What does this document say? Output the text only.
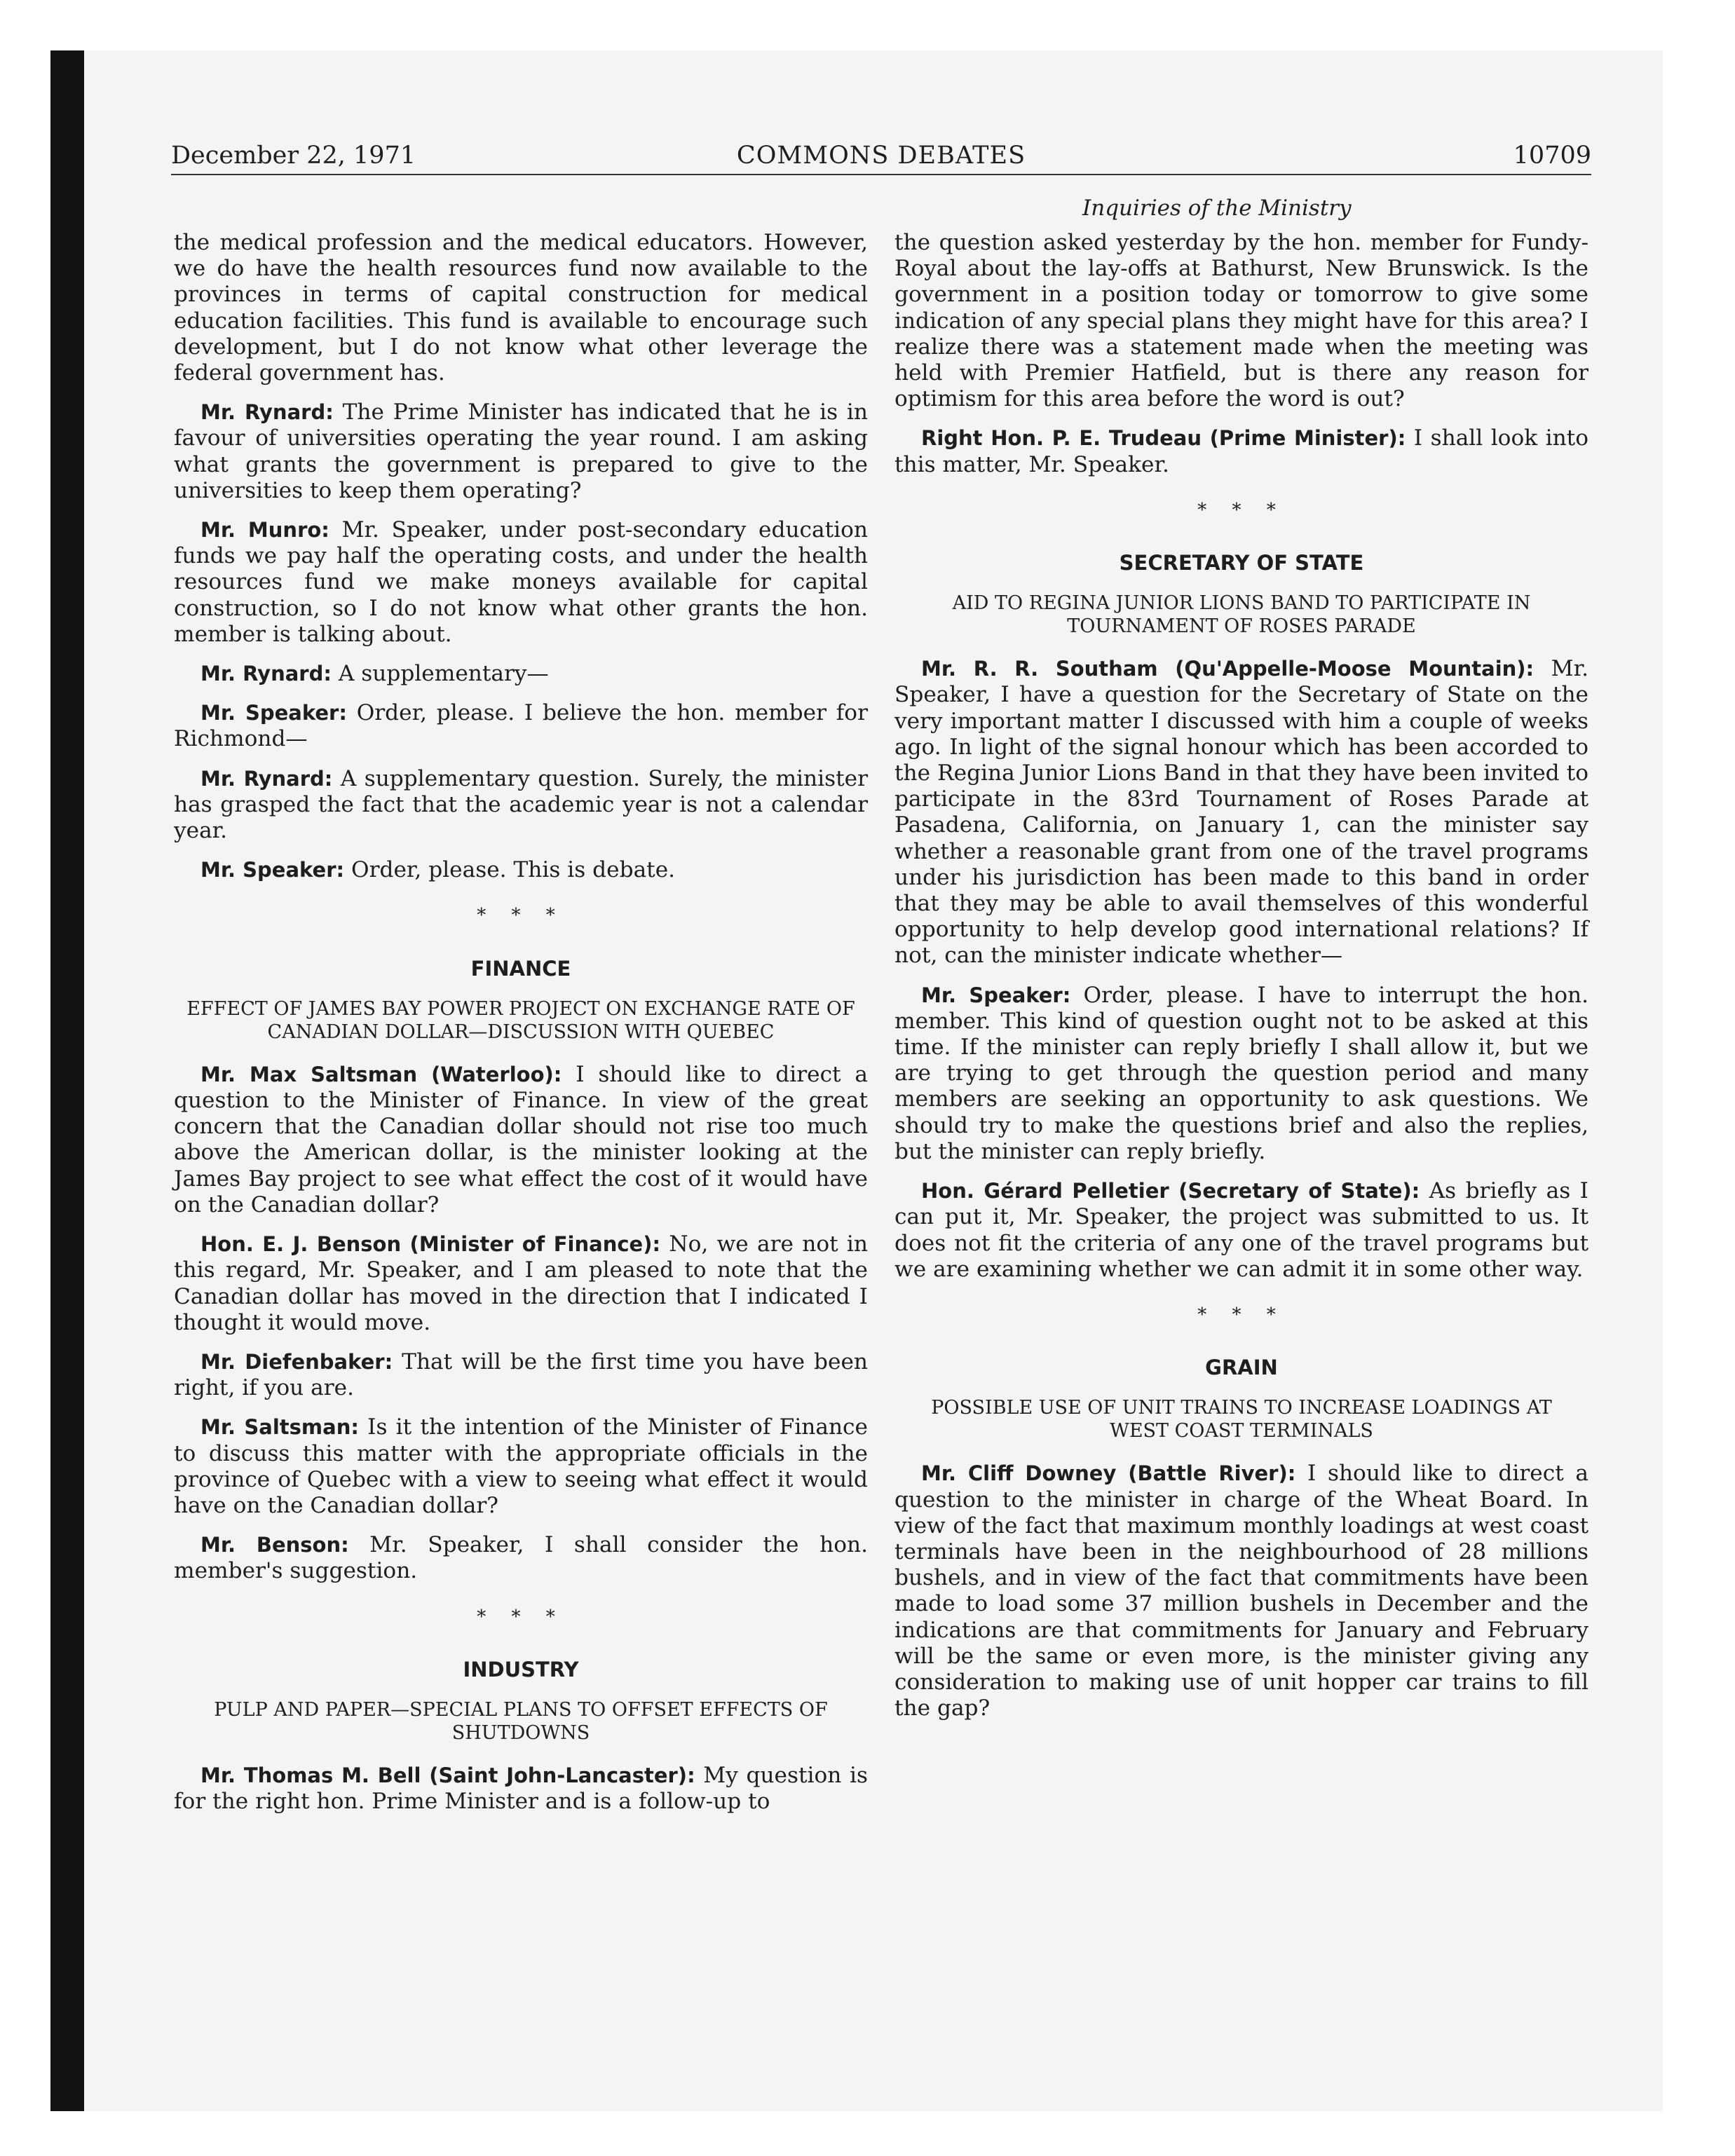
December 22, 1971	COMMONS DEBATES	10709
Inquiries of the Ministry

the medical profession and the medical educators. However, we do have the health resources fund now available to the provinces in terms of capital construction for medical education facilities. This fund is available to encourage such development, but I do not know what other leverage the federal government has.

Mr. Rynard: The Prime Minister has indicated that he is in favour of universities operating the year round. I am asking what grants the government is prepared to give to the universities to keep them operating?

Mr. Munro: Mr. Speaker, under post-secondary education funds we pay half the operating costs, and under the health resources fund we make moneys available for capital construction, so I do not know what other grants the hon. member is talking about.

Mr. Rynard: A supplementary—

Mr. Speaker: Order, please. I believe the hon. member for Richmond—

Mr. Rynard: A supplementary question. Surely, the minister has grasped the fact that the academic year is not a calendar year.

Mr. Speaker: Order, please. This is debate.

* * *
FINANCE
EFFECT OF JAMES BAY POWER PROJECT ON EXCHANGE RATE OF CANADIAN DOLLAR—DISCUSSION WITH QUEBEC

Mr. Max Saltsman (Waterloo): I should like to direct a question to the Minister of Finance. In view of the great concern that the Canadian dollar should not rise too much above the American dollar, is the minister looking at the James Bay project to see what effect the cost of it would have on the Canadian dollar?

Hon. E. J. Benson (Minister of Finance): No, we are not in this regard, Mr. Speaker, and I am pleased to note that the Canadian dollar has moved in the direction that I indicated I thought it would move.

Mr. Diefenbaker: That will be the first time you have been right, if you are.

Mr. Saltsman: Is it the intention of the Minister of Finance to discuss this matter with the appropriate officials in the province of Quebec with a view to seeing what effect it would have on the Canadian dollar?

Mr. Benson: Mr. Speaker, I shall consider the hon. member's suggestion.

* * *
INDUSTRY
PULP AND PAPER—SPECIAL PLANS TO OFFSET EFFECTS OF SHUTDOWNS

Mr. Thomas M. Bell (Saint John-Lancaster): My question is for the right hon. Prime Minister and is a follow-up to

the question asked yesterday by the hon. member for Fundy-Royal about the lay-offs at Bathurst, New Brunswick. Is the government in a position today or tomorrow to give some indication of any special plans they might have for this area? I realize there was a statement made when the meeting was held with Premier Hatfield, but is there any reason for optimism for this area before the word is out?

Right Hon. P. E. Trudeau (Prime Minister): I shall look into this matter, Mr. Speaker.

* * *
SECRETARY OF STATE
AID TO REGINA JUNIOR LIONS BAND TO PARTICIPATE IN TOURNAMENT OF ROSES PARADE

Mr. R. R. Southam (Qu'Appelle-Moose Mountain): Mr. Speaker, I have a question for the Secretary of State on the very important matter I discussed with him a couple of weeks ago. In light of the signal honour which has been accorded to the Regina Junior Lions Band in that they have been invited to participate in the 83rd Tournament of Roses Parade at Pasadena, California, on January 1, can the minister say whether a reasonable grant from one of the travel programs under his jurisdiction has been made to this band in order that they may be able to avail themselves of this wonderful opportunity to help develop good international relations? If not, can the minister indicate whether—

Mr. Speaker: Order, please. I have to interrupt the hon. member. This kind of question ought not to be asked at this time. If the minister can reply briefly I shall allow it, but we are trying to get through the question period and many members are seeking an opportunity to ask questions. We should try to make the questions brief and also the replies, but the minister can reply briefly.

Hon. Gérard Pelletier (Secretary of State): As briefly as I can put it, Mr. Speaker, the project was submitted to us. It does not fit the criteria of any one of the travel programs but we are examining whether we can admit it in some other way.

* * *
GRAIN
POSSIBLE USE OF UNIT TRAINS TO INCREASE LOADINGS AT WEST COAST TERMINALS

Mr. Cliff Downey (Battle River): I should like to direct a question to the minister in charge of the Wheat Board. In view of the fact that maximum monthly loadings at west coast terminals have been in the neighbourhood of 28 millions bushels, and in view of the fact that commitments have been made to load some 37 million bushels in December and the indications are that commitments for January and February will be the same or even more, is the minister giving any consideration to making use of unit hopper car trains to fill the gap?
